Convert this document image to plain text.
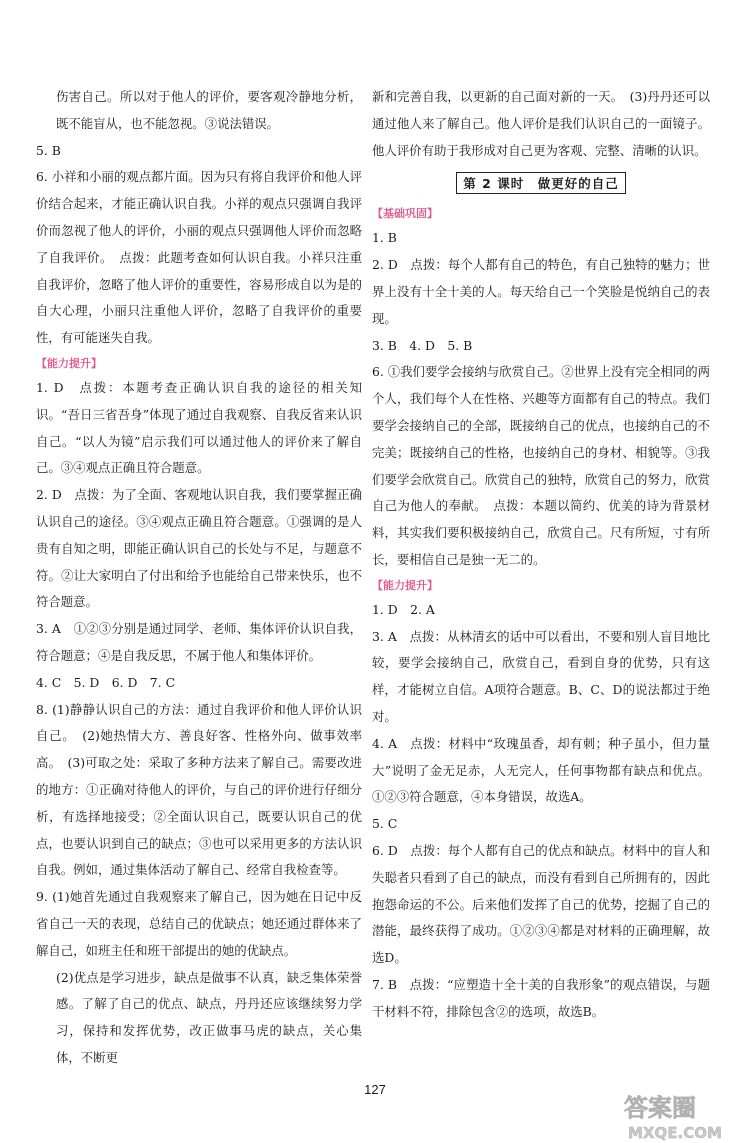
伤害自己。所以对于他人的评价，要客观冷静地分析，既不能盲从，也不能忽视。③说法错误。

5. B

6. 小祥和小丽的观点都片面。因为只有将自我评价和他人评价结合起来，才能正确认识自我。小祥的观点只强调自我评价而忽视了他人的评价，小丽的观点只强调他人评价而忽略了自我评价。　点拨：此题考查如何认识自我。小祥只注重自我评价，忽略了他人评价的重要性，容易形成自以为是的自大心理，小丽只注重他人评价，忽略了自我评价的重要性，有可能迷失自我。

【能力提升】

1. D　点拨：本题考查正确认识自我的途径的相关知识。“吾日三省吾身”体现了通过自我观察、自我反省来认识自己。“以人为镜”启示我们可以通过他人的评价来了解自己。③④观点正确且符合题意。

2. D　点拨：为了全面、客观地认识自我，我们要掌握正确认识自己的途径。③④观点正确且符合题意。①强调的是人贵有自知之明，即能正确认识自己的长处与不足，与题意不符。②让大家明白了付出和给予也能给自己带来快乐，也不符合题意。

3. A　①②③分别是通过同学、老师、集体评价认识自我，符合题意；④是自我反思，不属于他人和集体评价。

4. C　5. D　6. D　7. C

8. (1)静静认识自己的方法：通过自我评价和他人评价认识自己。　(2)她热情大方、善良好客、性格外向、做事效率高。　(3)可取之处：采取了多种方法来了解自己。需要改进的地方：①正确对待他人的评价，与自己的评价进行仔细分析，有选择地接受；②全面认识自己，既要认识自己的优点，也要认识到自己的缺点；③也可以采用更多的方法认识自我。例如，通过集体活动了解自己、经常自我检查等。

9. (1)她首先通过自我观察来了解自己，因为她在日记中反省自己一天的表现，总结自己的优缺点；她还通过群体来了解自己，如班主任和班干部提出的她的优缺点。

(2)优点是学习进步，缺点是做事不认真，缺乏集体荣誉感。了解了自己的优点、缺点，丹丹还应该继续努力学习，保持和发挥优势，改正做事马虎的缺点，关心集体，不断更

新和完善自我，以更新的自己面对新的一天。　(3)丹丹还可以通过他人来了解自己。他人评价是我们认识自己的一面镜子。他人评价有助于我形成对自己更为客观、完整、清晰的认识。

第 2 课时　做更好的自己
【基础巩固】

1. B

2. D　点拨：每个人都有自己的特色，有自己独特的魅力；世界上没有十全十美的人。每天给自己一个笑脸是悦纳自己的表现。

3. B　4. D　5. B

6. ①我们要学会接纳与欣赏自己。②世界上没有完全相同的两个人，我们每个人在性格、兴趣等方面都有自己的特点。我们要学会接纳自己的全部，既接纳自己的优点，也接纳自己的不完美；既接纳自己的性格，也接纳自己的身材、相貌等。③我们要学会欣赏自己。欣赏自己的独特，欣赏自己的努力，欣赏自己为他人的奉献。　点拨：本题以简约、优美的诗为背景材料，其实我们要积极接纳自己，欣赏自己。尺有所短，寸有所长，要相信自己是独一无二的。

【能力提升】

1. D　2. A

3. A　点拨：从林清玄的话中可以看出，不要和别人盲目地比较，要学会接纳自己，欣赏自己，看到自身的优势，只有这样，才能树立自信。A项符合题意。B、C、D的说法都过于绝对。

4. A　点拨：材料中“玫瑰虽香，却有刺；种子虽小，但力量大”说明了金无足赤，人无完人，任何事物都有缺点和优点。①②③符合题意，④本身错误，故选A。

5. C

6. D　点拨：每个人都有自己的优点和缺点。材料中的盲人和失聪者只看到了自己的缺点，而没有看到自己所拥有的，因此抱怨命运的不公。后来他们发挥了自己的优势，挖掘了自己的潜能，最终获得了成功。①②③④都是对材料的正确理解，故选D。

7. B　点拨：“应塑造十全十美的自我形象”的观点错误，与题干材料不符，排除包含②的选项，故选B。

127
答案圈
MXQE.COM
